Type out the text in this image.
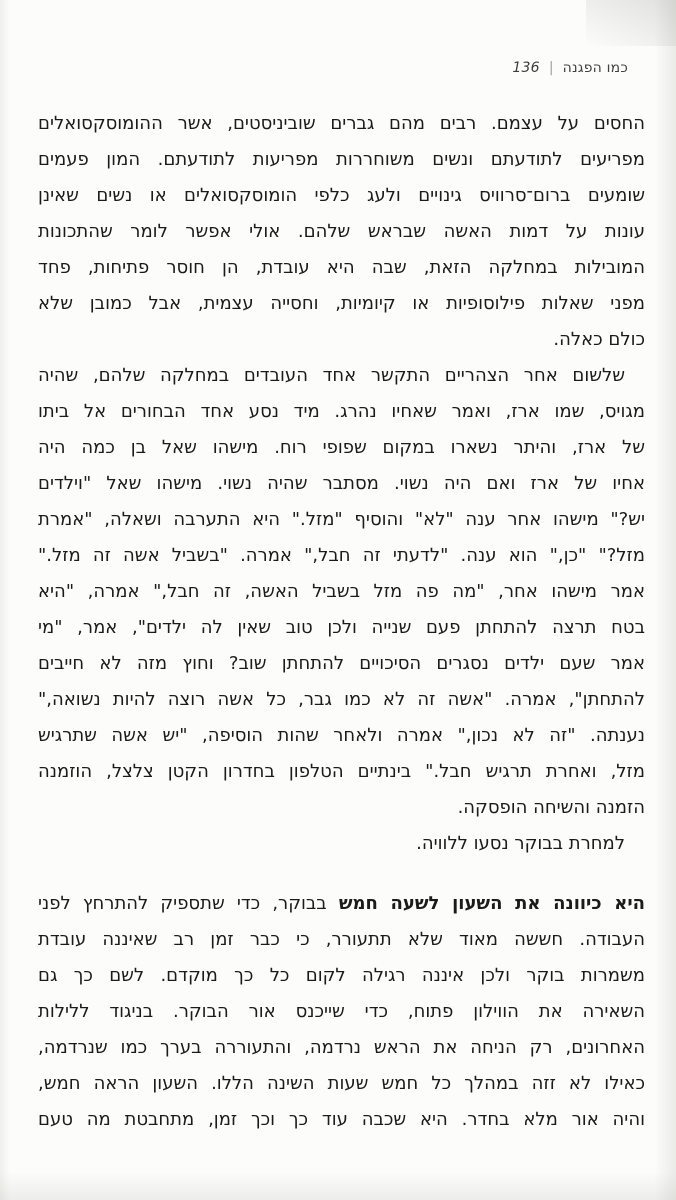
כמו הפגנה|136
החסים על עצמם. רבים מהם גברים שוביניסטים, אשר ההומוסקסואלים
מפריעים לתודעתם ונשים משוחררות מפריעות לתודעתם. המון פעמים
שומעים ברום־סרוויס גינויים ולעג כלפי הומוסקסואלים או נשים שאינן
עונות על דמות האשה שבראש שלהם. אולי אפשר לומר שהתכונות
המובילות במחלקה הזאת, שבה היא עובדת, הן חוסר פתיחות, פחד
מפני שאלות פילוסופיות או קיומיות, וחסייה עצמית, אבל כמובן שלא
כולם כאלה.
שלשום אחר הצהריים התקשר אחד העובדים במחלקה שלהם, שהיה
מגויס, שמו ארז, ואמר שאחיו נהרג. מיד נסע אחד הבחורים אל ביתו
של ארז, והיתר נשארו במקום שפופי רוח. מישהו שאל בן כמה היה
אחיו של ארז ואם היה נשוי. מסתבר שהיה נשוי. מישהו שאל "וילדים
יש?" מישהו אחר ענה "לא" והוסיף "מזל." היא התערבה ושאלה, "אמרת
מזל?" "כן," הוא ענה. "לדעתי זה חבל," אמרה. "בשביל אשה זה מזל."
אמר מישהו אחר, "מה פה מזל בשביל האשה, זה חבל," אמרה, "היא
בטח תרצה להתחתן פעם שנייה ולכן טוב שאין לה ילדים", אמר, "מי
אמר שעם ילדים נסגרים הסיכויים להתחתן שוב? וחוץ מזה לא חייבים
להתחתן", אמרה. "אשה זה לא כמו גבר, כל אשה רוצה להיות נשואה,"
נענתה. "זה לא נכון," אמרה ולאחר שהות הוסיפה, "יש אשה שתרגיש
מזל, ואחרת תרגיש חבל." בינתיים הטלפון בחדרון הקטן צלצל, הוזמנה
הזמנה והשיחה הופסקה.
למחרת בבוקר נסעו ללוויה.
היא כיוונה את השעון לשעה חמש בבוקר, כדי שתספיק להתרחץ לפני
העבודה. חששה מאוד שלא תתעורר, כי כבר זמן רב שאיננה עובדת
משמרות בוקר ולכן איננה רגילה לקום כל כך מוקדם. לשם כך גם
השאירה את הווילון פתוח, כדי שייכנס אור הבוקר. בניגוד ללילות
האחרונים, רק הניחה את הראש נרדמה, והתעוררה בערך כמו שנרדמה,
כאילו לא זזה במהלך כל חמש שעות השינה הללו. השעון הראה חמש,
והיה אור מלא בחדר. היא שכבה עוד כך וכך זמן, מתחבטת מה טעם
